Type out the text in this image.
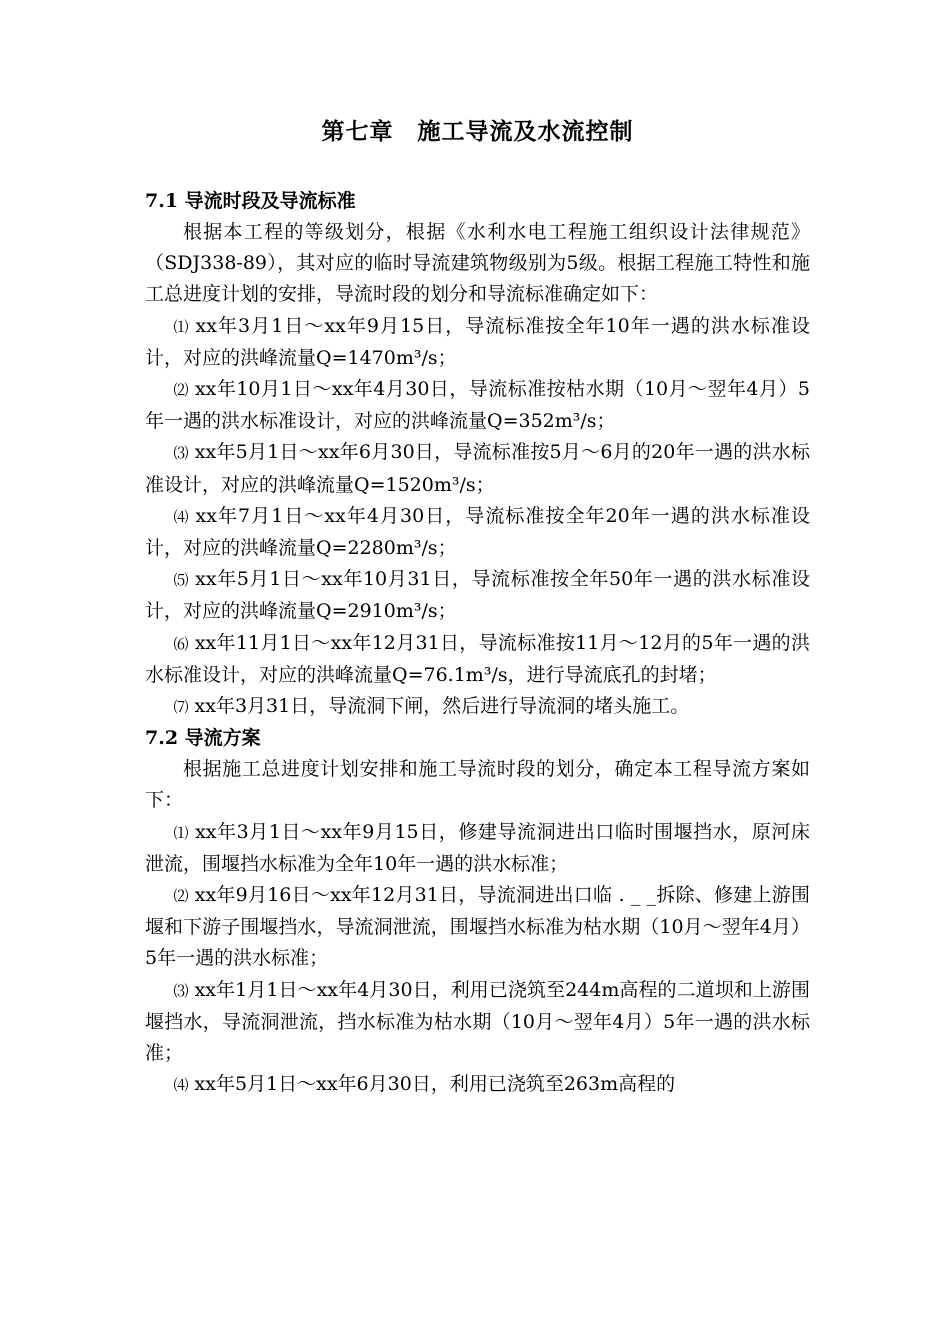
第七章　施工导流及水流控制
7.1 导流时段及导流标准

根据本工程的等级划分，根据《水利水电工程施工组织设计法律规范》（SDJ338-89），其对应的临时导流建筑物级别为5级。根据工程施工特性和施工总进度计划的安排，导流时段的划分和导流标准确定如下：

⑴ xx年3月1日～xx年9月15日，导流标准按全年10年一遇的洪水标准设计，对应的洪峰流量Q=1470m³/s；

⑵ xx年10月1日～xx年4月30日，导流标准按枯水期（10月～翌年4月）5年一遇的洪水标准设计，对应的洪峰流量Q=352m³/s；

⑶ xx年5月1日～xx年6月30日，导流标准按5月～6月的20年一遇的洪水标准设计，对应的洪峰流量Q=1520m³/s；

⑷ xx年7月1日～xx年4月30日，导流标准按全年20年一遇的洪水标准设计，对应的洪峰流量Q=2280m³/s；

⑸ xx年5月1日～xx年10月31日，导流标准按全年50年一遇的洪水标准设计，对应的洪峰流量Q=2910m³/s；

⑹ xx年11月1日～xx年12月31日，导流标准按11月～12月的5年一遇的洪水标准设计，对应的洪峰流量Q=76.1m³/s，进行导流底孔的封堵；

⑺ xx年3月31日，导流洞下闸，然后进行导流洞的堵头施工。

7.2 导流方案

根据施工总进度计划安排和施工导流时段的划分，确定本工程导流方案如下：

⑴ xx年3月1日～xx年9月15日，修建导流洞进出口临时围堰挡水，原河床泄流，围堰挡水标准为全年10年一遇的洪水标准；

⑵ xx年9月16日～xx年12月31日，导流洞进出口临 . _ _拆除、修建上游围堰和下游子围堰挡水，导流洞泄流，围堰挡水标准为枯水期（10月～翌年4月）5年一遇的洪水标准；

⑶ xx年1月1日～xx年4月30日，利用已浇筑至244m高程的二道坝和上游围堰挡水，导流洞泄流，挡水标准为枯水期（10月～翌年4月）5年一遇的洪水标准；

⑷ xx年5月1日～xx年6月30日，利用已浇筑至263m高程的
